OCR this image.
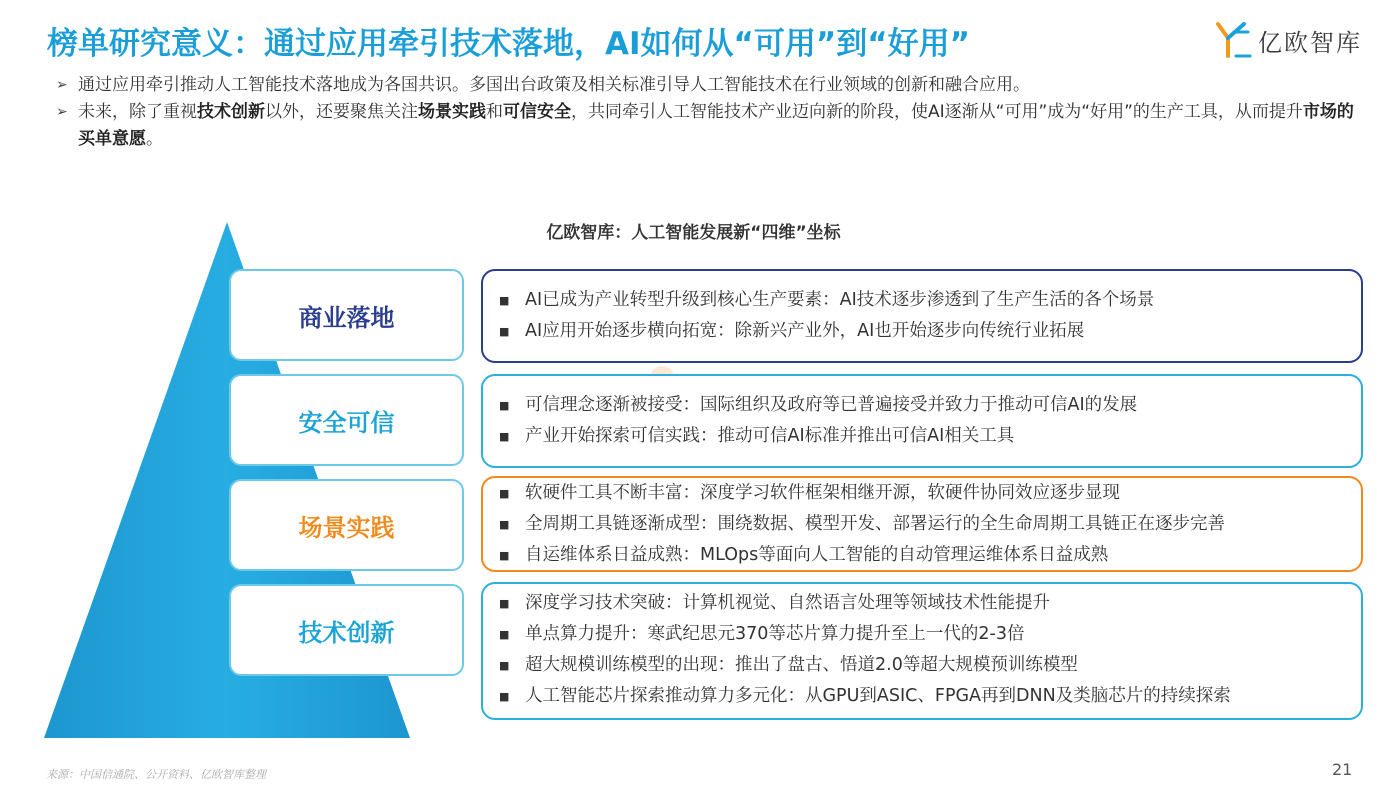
榜单研究意义：通过应用牵引技术落地，AI如何从“可用”到“好用”	亿欧智库
➢ 通过应用牵引推动人工智能技术落地成为各国共识。多国出台政策及相关标准引导人工智能技术在行业领域的创新和融合应用。
➢ 未来，除了重视技术创新以外，还要聚焦关注场景实践和可信安全，共同牵引人工智能技术产业迈向新的阶段，使AI逐渐从“可用”成为“好用”的生产工具，从而提升市场的买单意愿。
亿欧智库：人工智能发展新“四维”坐标
商业落地
安全可信
场景实践
技术创新
■ AI已成为产业转型升级到核心生产要素：AI技术逐步渗透到了生产生活的各个场景
■ AI应用开始逐步横向拓宽：除新兴产业外，AI也开始逐步向传统行业拓展
■ 可信理念逐渐被接受：国际组织及政府等已普遍接受并致力于推动可信AI的发展
■ 产业开始探索可信实践：推动可信AI标准并推出可信AI相关工具
■ 软硬件工具不断丰富：深度学习软件框架相继开源，软硬件协同效应逐步显现
■ 全周期工具链逐渐成型：围绕数据、模型开发、部署运行的全生命周期工具链正在逐步完善
■ 自运维体系日益成熟：MLOps等面向人工智能的自动管理运维体系日益成熟
■ 深度学习技术突破：计算机视觉、自然语言处理等领域技术性能提升
■ 单点算力提升：寒武纪思元370等芯片算力提升至上一代的2-3倍
■ 超大规模训练模型的出现：推出了盘古、悟道2.0等超大规模预训练模型
■ 人工智能芯片探索推动算力多元化：从GPU到ASIC、FPGA再到DNN及类脑芯片的持续探索
来源：中国信通院、公开资料、亿欧智库整理	21
